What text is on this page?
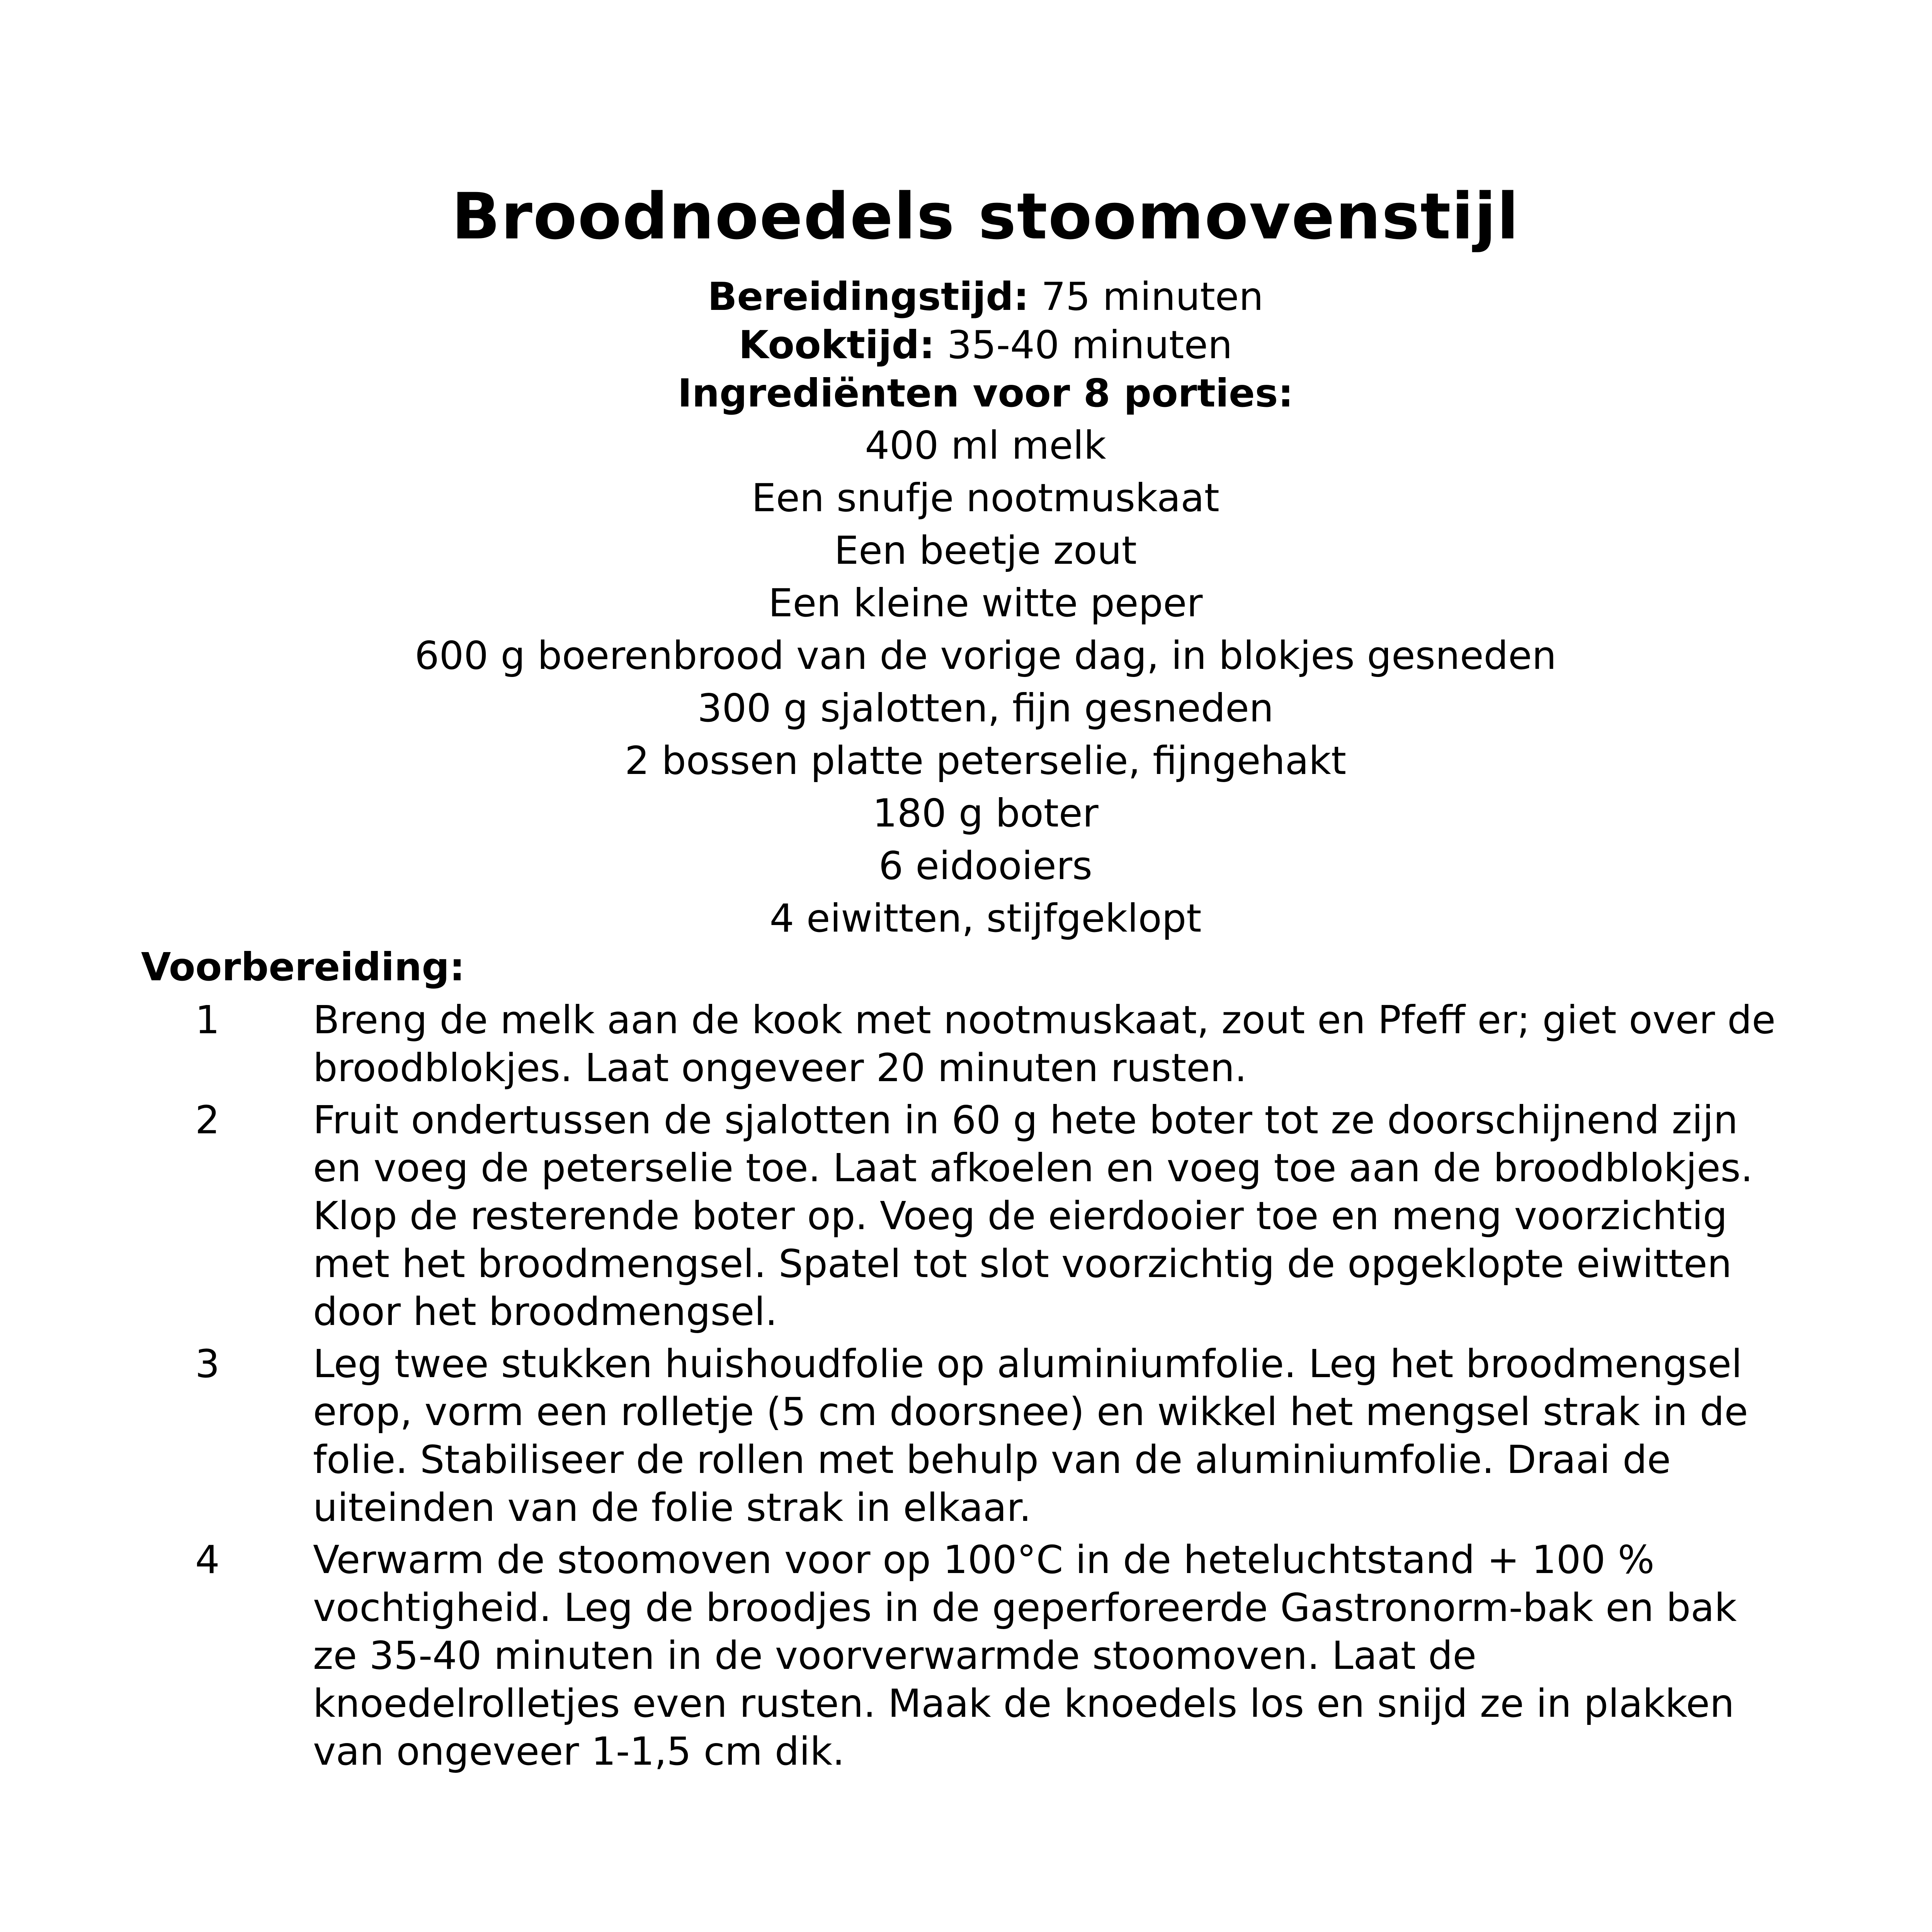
Broodnoedels stoomovenstijl
Bereidingstijd: 75 minuten
Kooktijd: 35-40 minuten
Ingrediënten voor 8 porties:
400 ml melk
Een snufje nootmuskaat
Een beetje zout
Een kleine witte peper
600 g boerenbrood van de vorige dag, in blokjes gesneden
300 g sjalotten, fijn gesneden
2 bossen platte peterselie, fijngehakt
180 g boter
6 eidooiers
4 eiwitten, stijfgeklopt
Voorbereiding:
1	Breng de melk aan de kook met nootmuskaat, zout en Pfeff er; giet over de broodblokjes. Laat ongeveer 20 minuten rusten.
2	Fruit ondertussen de sjalotten in 60 g hete boter tot ze doorschijnend zijn en voeg de peterselie toe. Laat afkoelen en voeg toe aan de broodblokjes. Klop de resterende boter op. Voeg de eierdooier toe en meng voorzichtig met het broodmengsel. Spatel tot slot voorzichtig de opgeklopte eiwitten door het broodmengsel.
3	Leg twee stukken huishoudfolie op aluminiumfolie. Leg het broodmengsel erop, vorm een rolletje (5 cm doorsnee) en wikkel het mengsel strak in de folie. Stabiliseer de rollen met behulp van de aluminiumfolie. Draai de uiteinden van de folie strak in elkaar.
4	Verwarm de stoomoven voor op 100°C in de heteluchtstand + 100 % vochtigheid. Leg de broodjes in de geperforeerde Gastronorm-bak en bak ze 35-40 minuten in de voorverwarmde stoomoven. Laat de knoedelrolletjes even rusten. Maak de knoedels los en snijd ze in plakken van ongeveer 1-1,5 cm dik.
